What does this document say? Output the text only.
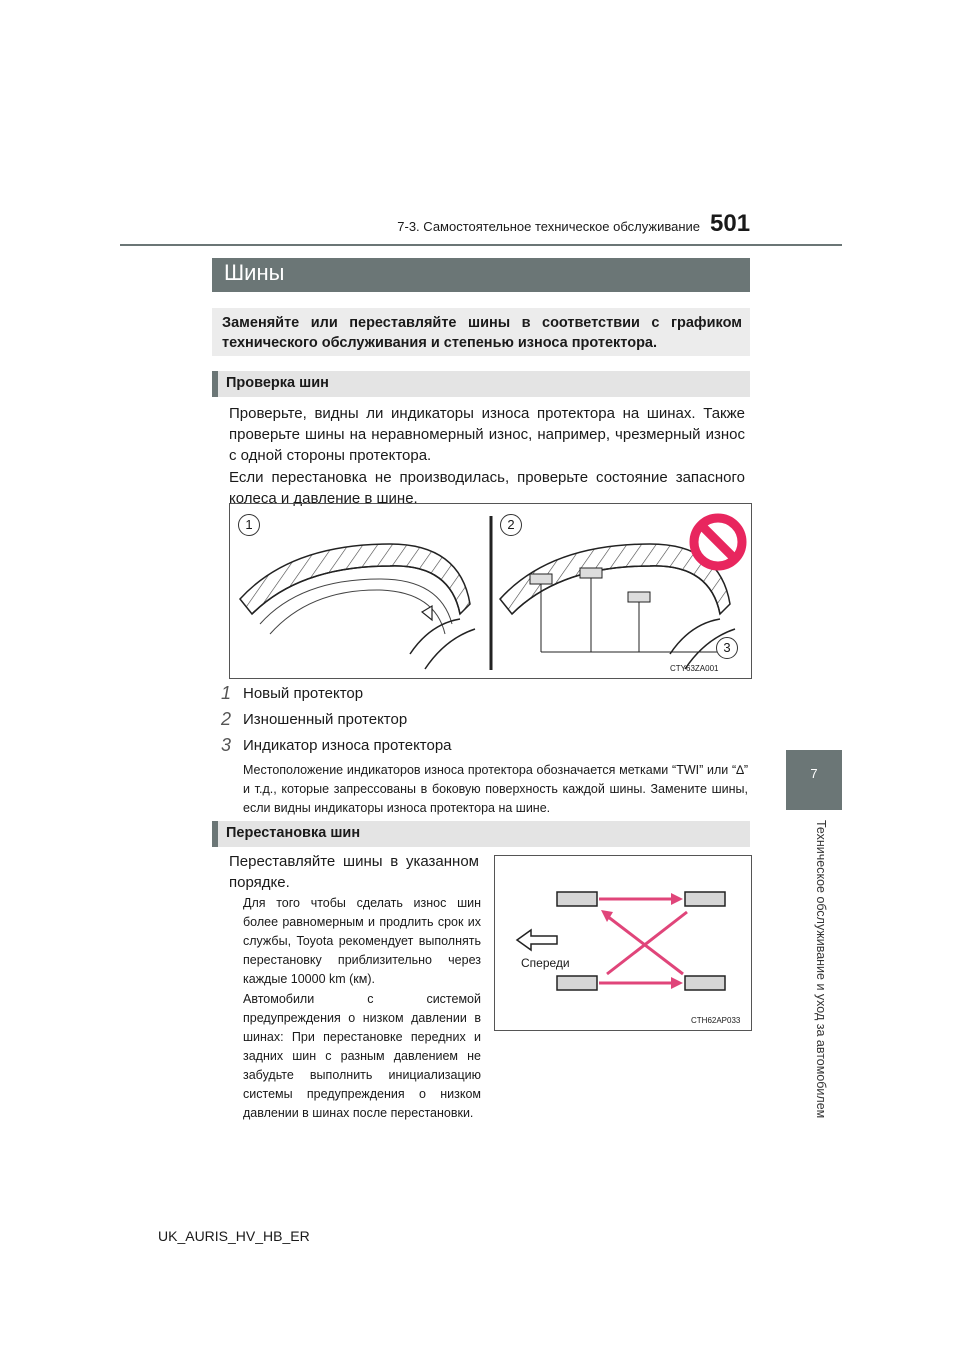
7-3. Самостоятельное техническое обслуживание 501
7
Техническое обслуживание и уход за автомобилем
Шины
Заменяйте или переставляйте шины в соответствии с графиком технического обслуживания и степенью износа протектора.
Проверка шин
Проверьте, видны ли индикаторы износа протектора на шинах. Также проверьте шины на неравномерный износ, например, чрезмерный износ с одной стороны протектора.
Если перестановка не производилась, проверьте состояние запасного колеса и давление в шине.
1	2
3
CTY63ZA001
1 Новый протектор
2 Изношенный протектор
3 Индикатор износа протектора
Местоположение индикаторов износа протектора обозначается метками “TWI” или “∆” и т.д., которые запрессованы в боковую поверхность каждой шины. Замените шины, если видны индикаторы износа протектора на шине.
Перестановка шин
Переставляйте шины в указанном порядке.
Для того чтобы сделать износ шин более равномерным и продлить срок их службы, Toyota рекомендует выполнять перестановку приблизительно через каждые 10000 km (км).
Автомобили с системой предупреждения о низком давлении в шинах: При перестановке передних и задних шин с разным давлением не забудьте выполнить инициализацию системы предупреждения о низком давлении в шинах после перестановки.
Спереди
CTH62AP033
UK_AURIS_HV_HB_ER
